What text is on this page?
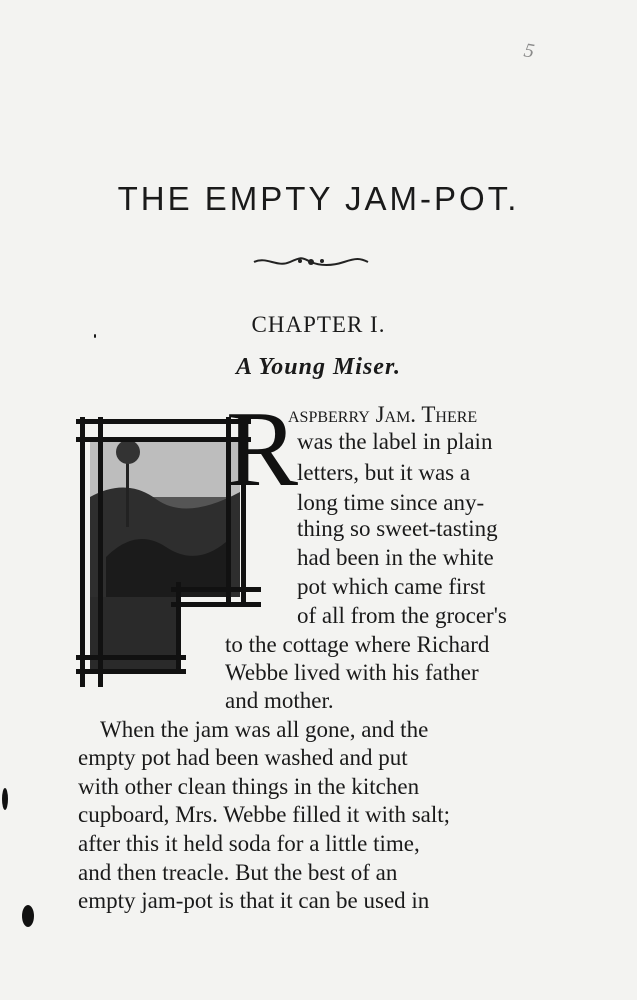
5
THE EMPTY JAM-POT.
CHAPTER I.
A Young Miser.
R
aspberry Jam. There
was the label in plain
letters, but it was a
long time since any-
thing so sweet-tasting
had been in the white
pot which came first
of all from the grocer's
to the cottage where Richard
Webbe lived with his father
and mother.
When the jam was all gone, and the
empty pot had been washed and put
with other clean things in the kitchen
cupboard, Mrs. Webbe filled it with salt;
after this it held soda for a little time,
and then treacle. But the best of an
empty jam-pot is that it can be used in
